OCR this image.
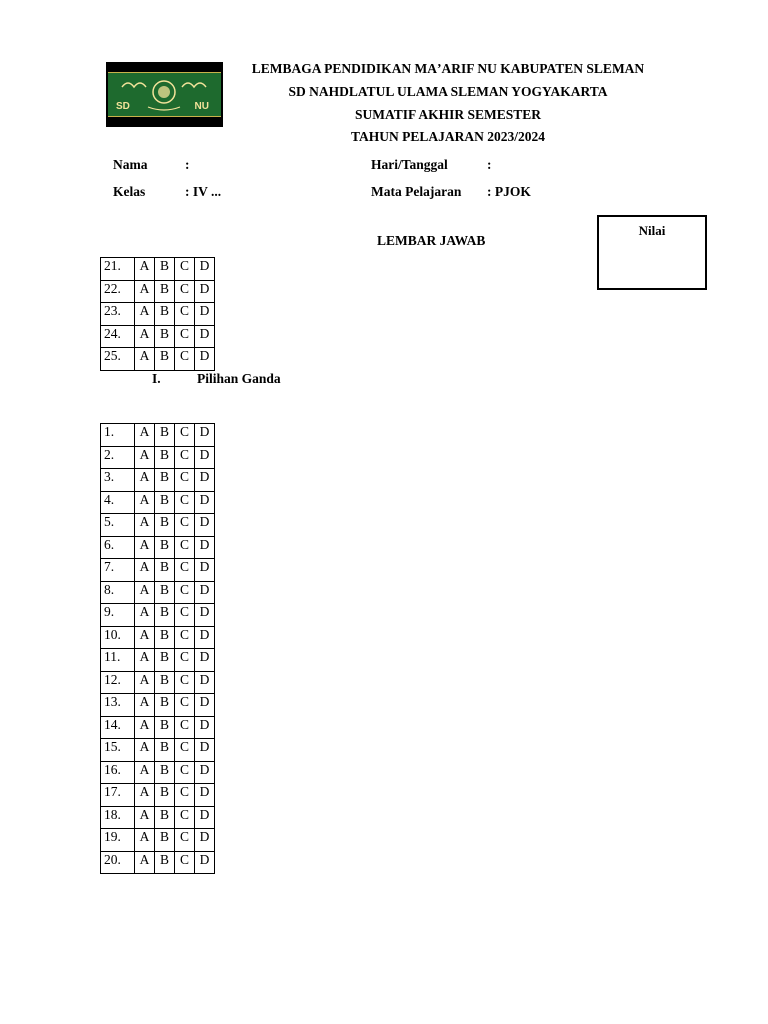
SD	NU
LEMBAGA PENDIDIKAN MAʼARIF NU KABUPATEN SLEMAN
SD NAHDLATUL ULAMA SLEMAN YOGYAKARTA
SUMATIF AKHIR SEMESTER
TAHUN PELAJARAN 2023/2024
Nama	:
Kelas	: IV ...
Hari/Tanggal	:
Mata Pelajaran : PJOK
Nilai
LEMBAR JAWAB
21.	A	B	C	D
22.	A	B	C	D
23.	A	B	C	D
24.	A	B	C	D
25.	A	B	C	D
I.	Pilihan Ganda
1.	A	B	C	D
2.	A	B	C	D
3.	A	B	C	D
4.	A	B	C	D
5.	A	B	C	D
6.	A	B	C	D
7.	A	B	C	D
8.	A	B	C	D
9.	A	B	C	D
10.	A	B	C	D
11.	A	B	C	D
12.	A	B	C	D
13.	A	B	C	D
14.	A	B	C	D
15.	A	B	C	D
16.	A	B	C	D
17.	A	B	C	D
18.	A	B	C	D
19.	A	B	C	D
20.	A	B	C	D
